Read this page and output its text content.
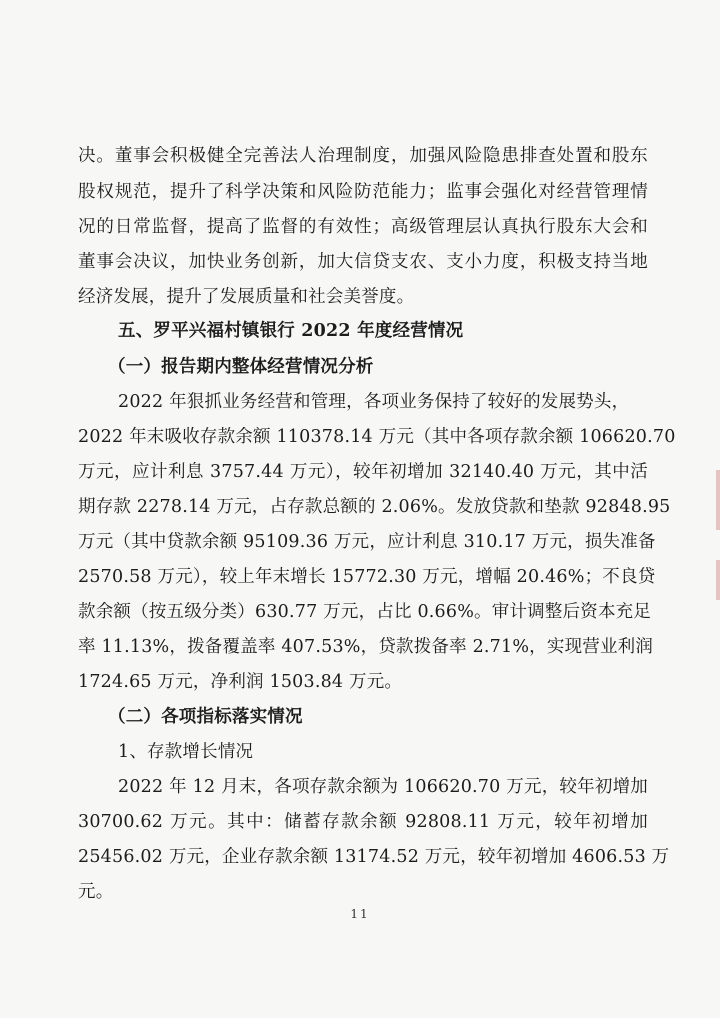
决。董事会积极健全完善法人治理制度，加强风险隐患排查处置和股东
股权规范，提升了科学决策和风险防范能力；监事会强化对经营管理情
况的日常监督，提高了监督的有效性；高级管理层认真执行股东大会和
董事会决议，加快业务创新，加大信贷支农、支小力度，积极支持当地
经济发展，提升了发展质量和社会美誉度。
五、罗平兴福村镇银行 2022 年度经营情况
（一）报告期内整体经营情况分析
2022 年狠抓业务经营和管理，各项业务保持了较好的发展势头，
2022 年末吸收存款余额 110378.14 万元（其中各项存款余额 106620.70
万元，应计利息 3757.44 万元），较年初增加 32140.40 万元，其中活
期存款 2278.14 万元，占存款总额的 2.06%。发放贷款和垫款 92848.95
万元（其中贷款余额 95109.36 万元，应计利息 310.17 万元，损失准备
2570.58 万元），较上年末增长 15772.30 万元，增幅 20.46%；不良贷
款余额（按五级分类）630.77 万元，占比 0.66%。审计调整后资本充足
率 11.13%，拨备覆盖率 407.53%，贷款拨备率 2.71%，实现营业利润
1724.65 万元，净利润 1503.84 万元。
（二）各项指标落实情况
1、存款增长情况
2022 年 12 月末，各项存款余额为 106620.70 万元，较年初增加
30700.62 万元。其中：储蓄存款余额 92808.11 万元，较年初增加
25456.02 万元，企业存款余额 13174.52 万元，较年初增加 4606.53 万
元。
11
